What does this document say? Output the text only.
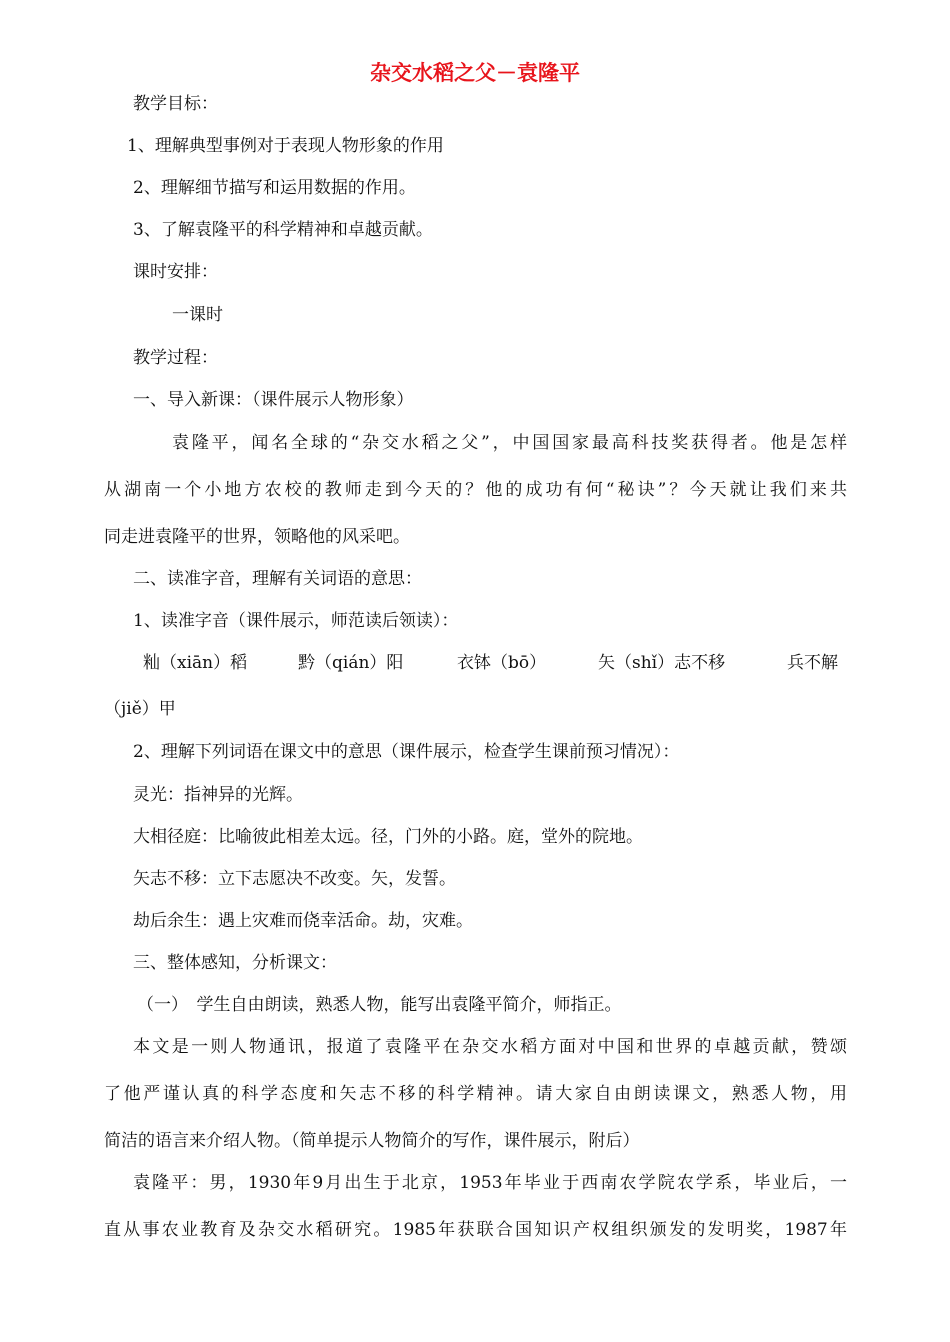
杂交水稻之父－袁隆平
教学目标：
1、理解典型事例对于表现人物形象的作用
2、理解细节描写和运用数据的作用。
3、了解袁隆平的科学精神和卓越贡献。
课时安排：
一课时
教学过程：
一、导入新课：（课件展示人物形象）
袁隆平，闻名全球的“杂交水稻之父”，中国国家最高科技奖获得者。他是怎样
从湖南一个小地方农校的教师走到今天的？他的成功有何“秘诀”？今天就让我们来共
同走进袁隆平的世界，领略他的风采吧。
二、读准字音，理解有关词语的意思：
1、读准字音（课件展示，师范读后领读）：
籼（xiān）稻	黔（qián）阳	衣钵（bō）	矢（shǐ）志不移	兵不解
（jiě）甲
2、理解下列词语在课文中的意思（课件展示，检查学生课前预习情况）：
灵光：指神异的光辉。
大相径庭：比喻彼此相差太远。径，门外的小路。庭，堂外的院地。
矢志不移：立下志愿决不改变。矢，发誓。
劫后余生：遇上灾难而侥幸活命。劫，灾难。
三、整体感知，分析课文：
（一）　学生自由朗读，熟悉人物，能写出袁隆平简介，师指正。
本文是一则人物通讯，报道了袁隆平在杂交水稻方面对中国和世界的卓越贡献，赞颂
了他严谨认真的科学态度和矢志不移的科学精神。请大家自由朗读课文，熟悉人物，用
简洁的语言来介绍人物。（简单提示人物简介的写作，课件展示，附后）
袁隆平：男，1930年9月出生于北京，1953年毕业于西南农学院农学系，毕业后，一
直从事农业教育及杂交水稻研究。1985年获联合国知识产权组织颁发的发明奖，1987年
